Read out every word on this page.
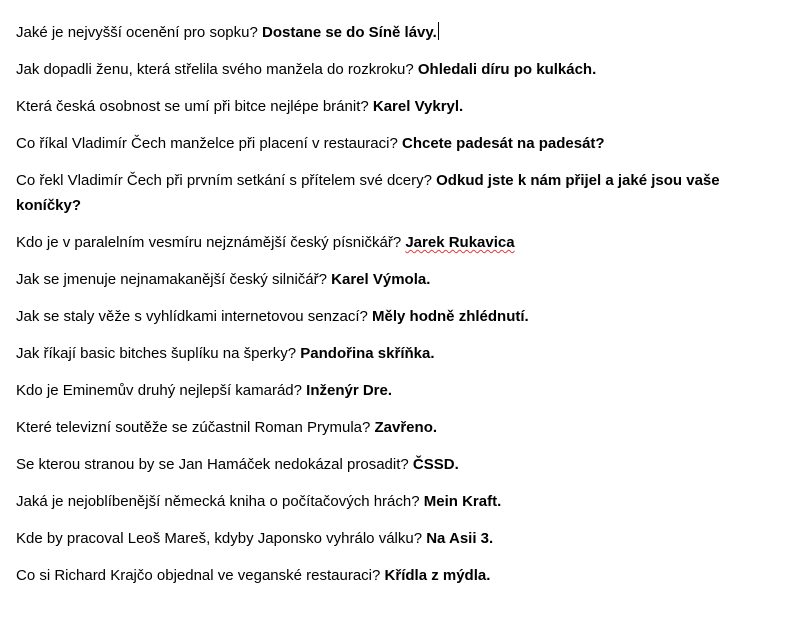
Jaké je nejvyšší ocenění pro sopku? Dostane se do Síně lávy.

Jak dopadli ženu, která střelila svého manžela do rozkroku? Ohledali díru po kulkách.

Která česká osobnost se umí při bitce nejlépe bránit? Karel Vykryl.

Co říkal Vladimír Čech manželce při placení v restauraci? Chcete padesát na padesát?

Co řekl Vladimír Čech při prvním setkání s přítelem své dcery? Odkud jste k nám přijel a jaké jsou vaše koníčky?

Kdo je v paralelním vesmíru nejznámější český písničkář? Jarek Rukavica

Jak se jmenuje nejnamakanější český silničář? Karel Výmola.

Jak se staly věže s vyhlídkami internetovou senzací? Měly hodně zhlédnutí.

Jak říkají basic bitches šuplíku na šperky? Pandořina skříňka.

Kdo je Eminemův druhý nejlepší kamarád? Inženýr Dre.

Které televizní soutěže se zúčastnil Roman Prymula? Zavřeno.

Se kterou stranou by se Jan Hamáček nedokázal prosadit? ČSSD.

Jaká je nejoblíbenější německá kniha o počítačových hrách? Mein Kraft.

Kde by pracoval Leoš Mareš, kdyby Japonsko vyhrálo válku? Na Asii 3.

Co si Richard Krajčo objednal ve veganské restauraci? Křídla z mýdla.
